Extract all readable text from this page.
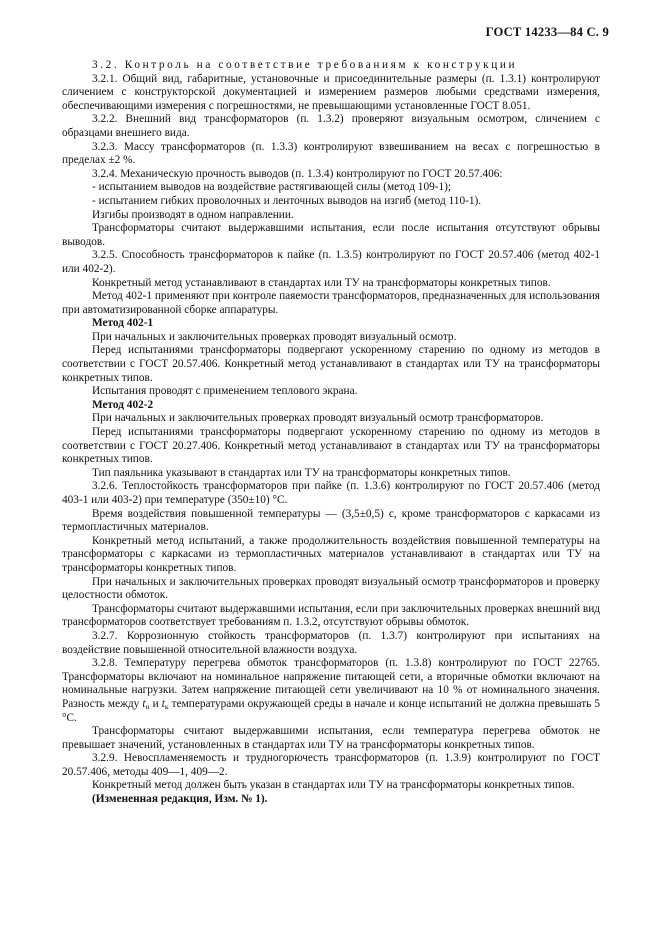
ГОСТ 14233—84 С. 9

3.2. Контроль на соответствие требованиям к конструкции

3.2.1. Общий вид, габаритные, установочные и присоединительные размеры (п. 1.3.1) контролируют сличением с конструкторской документацией и измерением размеров любыми средствами измерения, обеспечивающими измерения с погрешностями, не превышающими установленные ГОСТ 8.051.

3.2.2. Внешний вид трансформаторов (п. 1.3.2) проверяют визуальным осмотром, сличением с образцами внешнего вида.

3.2.3. Массу трансформаторов (п. 1.3.3) контролируют взвешиванием на весах с погрешностью в пределах ±2 %.

3.2.4. Механическую прочность выводов (п. 1.3.4) контролируют по ГОСТ 20.57.406:

- испытанием выводов на воздействие растягивающей силы (метод 109-1);

- испытанием гибких проволочных и ленточных выводов на изгиб (метод 110-1).

Изгибы производят в одном направлении.

Трансформаторы считают выдержавшими испытания, если после испытания отсутствуют обрывы выводов.

3.2.5. Способность трансформаторов к пайке (п. 1.3.5) контролируют по ГОСТ 20.57.406 (метод 402-1 или 402-2).

Конкретный метод устанавливают в стандартах или ТУ на трансформаторы конкретных типов.

Метод 402-1 применяют при контроле паяемости трансформаторов, предназначенных для использования при автоматизированной сборке аппаратуры.

Метод 402-1

При начальных и заключительных проверках проводят визуальный осмотр.

Перед испытаниями трансформаторы подвергают ускоренному старению по одному из методов в соответствии с ГОСТ 20.57.406. Конкретный метод устанавливают в стандартах или ТУ на трансформаторы конкретных типов.

Испытания проводят с применением теплового экрана.

Метод 402-2

При начальных и заключительных проверках проводят визуальный осмотр трансформаторов.

Перед испытаниями трансформаторы подвергают ускоренному старению по одному из методов в соответствии с ГОСТ 20.27.406. Конкретный метод устанавливают в стандартах или ТУ на трансформаторы конкретных типов.

Тип паяльника указывают в стандартах или ТУ на трансформаторы конкретных типов.

3.2.6. Теплостойкость трансформаторов при пайке (п. 1.3.6) контролируют по ГОСТ 20.57.406 (метод 403-1 или 403-2) при температуре (350±10) °С.

Время воздействия повышенной температуры — (3,5±0,5) с, кроме трансформаторов с каркасами из термопластичных материалов.

Конкретный метод испытаний, а также продолжительность воздействия повышенной температуры на трансформаторы с каркасами из термопластичных материалов устанавливают в стандартах или ТУ на трансформаторы конкретных типов.

При начальных и заключительных проверках проводят визуальный осмотр трансформаторов и проверку целостности обмоток.

Трансформаторы считают выдержавшими испытания, если при заключительных проверках внешний вид трансформаторов соответствует требованиям п. 1.3.2, отсутствуют обрывы обмоток.

3.2.7. Коррозионную стойкость трансформаторов (п. 1.3.7) контролируют при испытаниях на воздействие повышенной относительной влажности воздуха.

3.2.8. Температуру перегрева обмоток трансформаторов (п. 1.3.8) контролируют по ГОСТ 22765. Трансформаторы включают на номинальное напряжение питающей сети, а вторичные обмотки включают на номинальные нагрузки. Затем напряжение питающей сети увеличивают на 10 % от номинального значения. Разность между $t_н$ и $t_к$ температурами окружающей среды в начале и конце испытаний не должна превышать 5 °С.

Трансформаторы считают выдержавшими испытания, если температура перегрева обмоток не превышает значений, установленных в стандартах или ТУ на трансформаторы конкретных типов.

3.2.9. Невоспламеняемость и трудногорючесть трансформаторов (п. 1.3.9) контролируют по ГОСТ 20.57.406, методы 409—1, 409—2.

Конкретный метод должен быть указан в стандартах или ТУ на трансформаторы конкретных типов.

(Измененная редакция, Изм. № 1).
